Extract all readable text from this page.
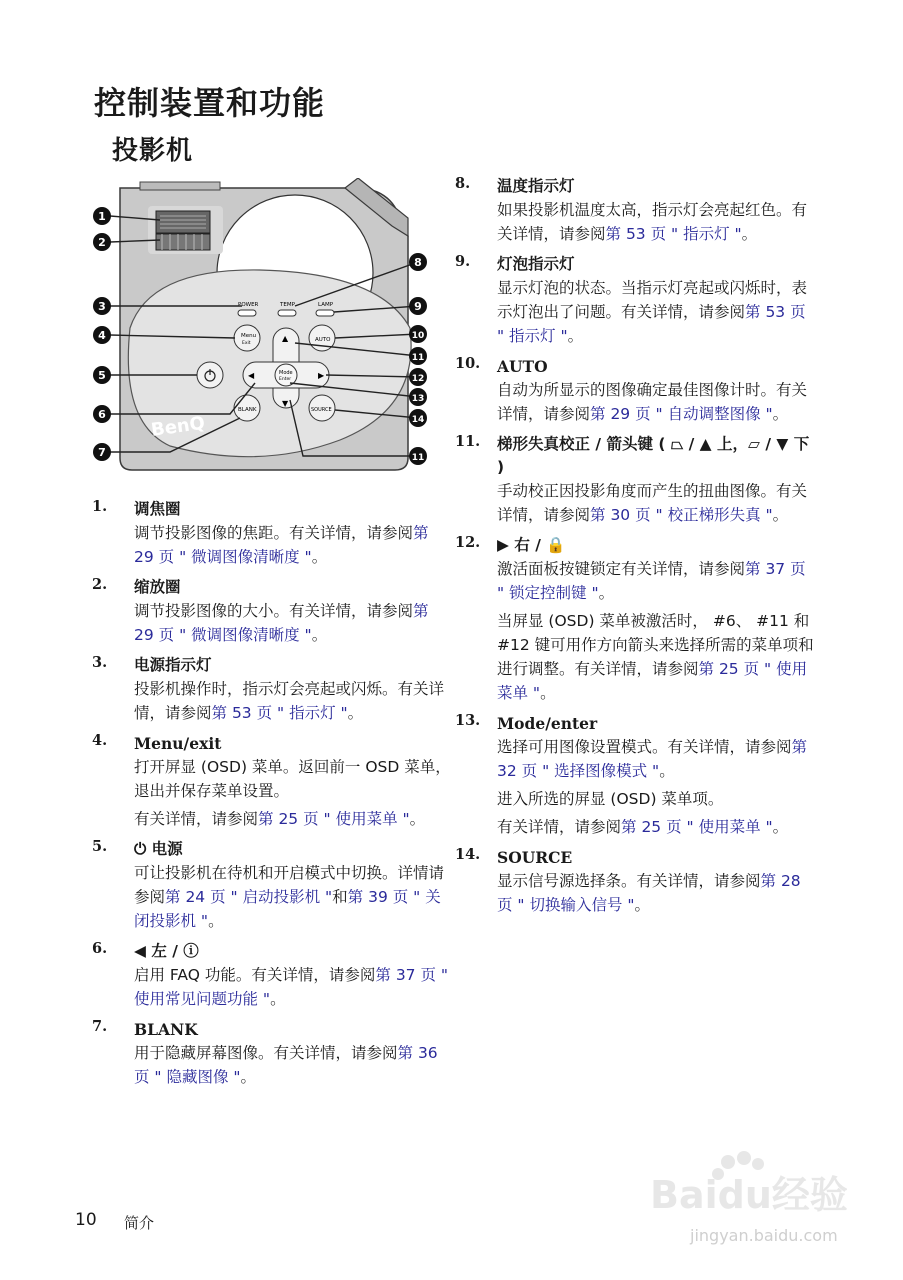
控制装置和功能
投影机
POWER	TEMP	LAMP
Menu
Exit
AUTO
Mode
Enter
▲
▼
◀	▶
BLANK	SOURCE
BenQ
1
2
3
4
5
6
7
8
9
10
11
12
13
14
11
1. 调焦圈
调节投影图像的焦距。有关详情，请参阅第 29 页 " 微调图像清晰度 "。
2. 缩放圈
调节投影图像的大小。有关详情，请参阅第 29 页 " 微调图像清晰度 "。
3. 电源指示灯
投影机操作时，指示灯会亮起或闪烁。有关详情，请参阅第 53 页 " 指示灯 "。
4. Menu/exit
打开屏显 (OSD) 菜单。返回前一 OSD 菜单，退出并保存菜单设置。
有关详情，请参阅第 25 页 " 使用菜单 "。
5. ⏻ 电源
可让投影机在待机和开启模式中切换。详情请参阅第 24 页 " 启动投影机 "和第 39 页 " 关闭投影机 "。
6. ◀ 左 / ⓘ
启用 FAQ 功能。有关详情，请参阅第 37 页 " 使用常见问题功能 "。
7. BLANK
用于隐藏屏幕图像。有关详情，请参阅第 36 页 " 隐藏图像 "。
8. 温度指示灯
如果投影机温度太高，指示灯会亮起红色。有关详情，请参阅第 53 页 " 指示灯 "。
9. 灯泡指示灯
显示灯泡的状态。当指示灯亮起或闪烁时，表示灯泡出了问题。有关详情，请参阅第 53 页 " 指示灯 "。
10. AUTO
自动为所显示的图像确定最佳图像计时。有关详情，请参阅第 29 页 " 自动调整图像 "。
11. 梯形失真校正 / 箭头键 ( ⏢ / ▲ 上，⏥ / ▼ 下 )
手动校正因投影角度而产生的扭曲图像。有关详情，请参阅第 30 页 " 校正梯形失真 "。
12. ▶ 右 / 🔒
激活面板按键锁定有关详情，请参阅第 37 页 " 锁定控制键 "。
当屏显 (OSD) 菜单被激活时， #6、 #11 和 #12 键可用作方向箭头来选择所需的菜单项和进行调整。有关详情，请参阅第 25 页 " 使用菜单 "。
13. Mode/enter
选择可用图像设置模式。有关详情，请参阅第 32 页 " 选择图像模式 "。
进入所选的屏显 (OSD) 菜单项。
有关详情，请参阅第 25 页 " 使用菜单 "。
14. SOURCE
显示信号源选择条。有关详情，请参阅第 28 页 " 切换输入信号 "。
10 简介
Baidu经验
jingyan.baidu.com
